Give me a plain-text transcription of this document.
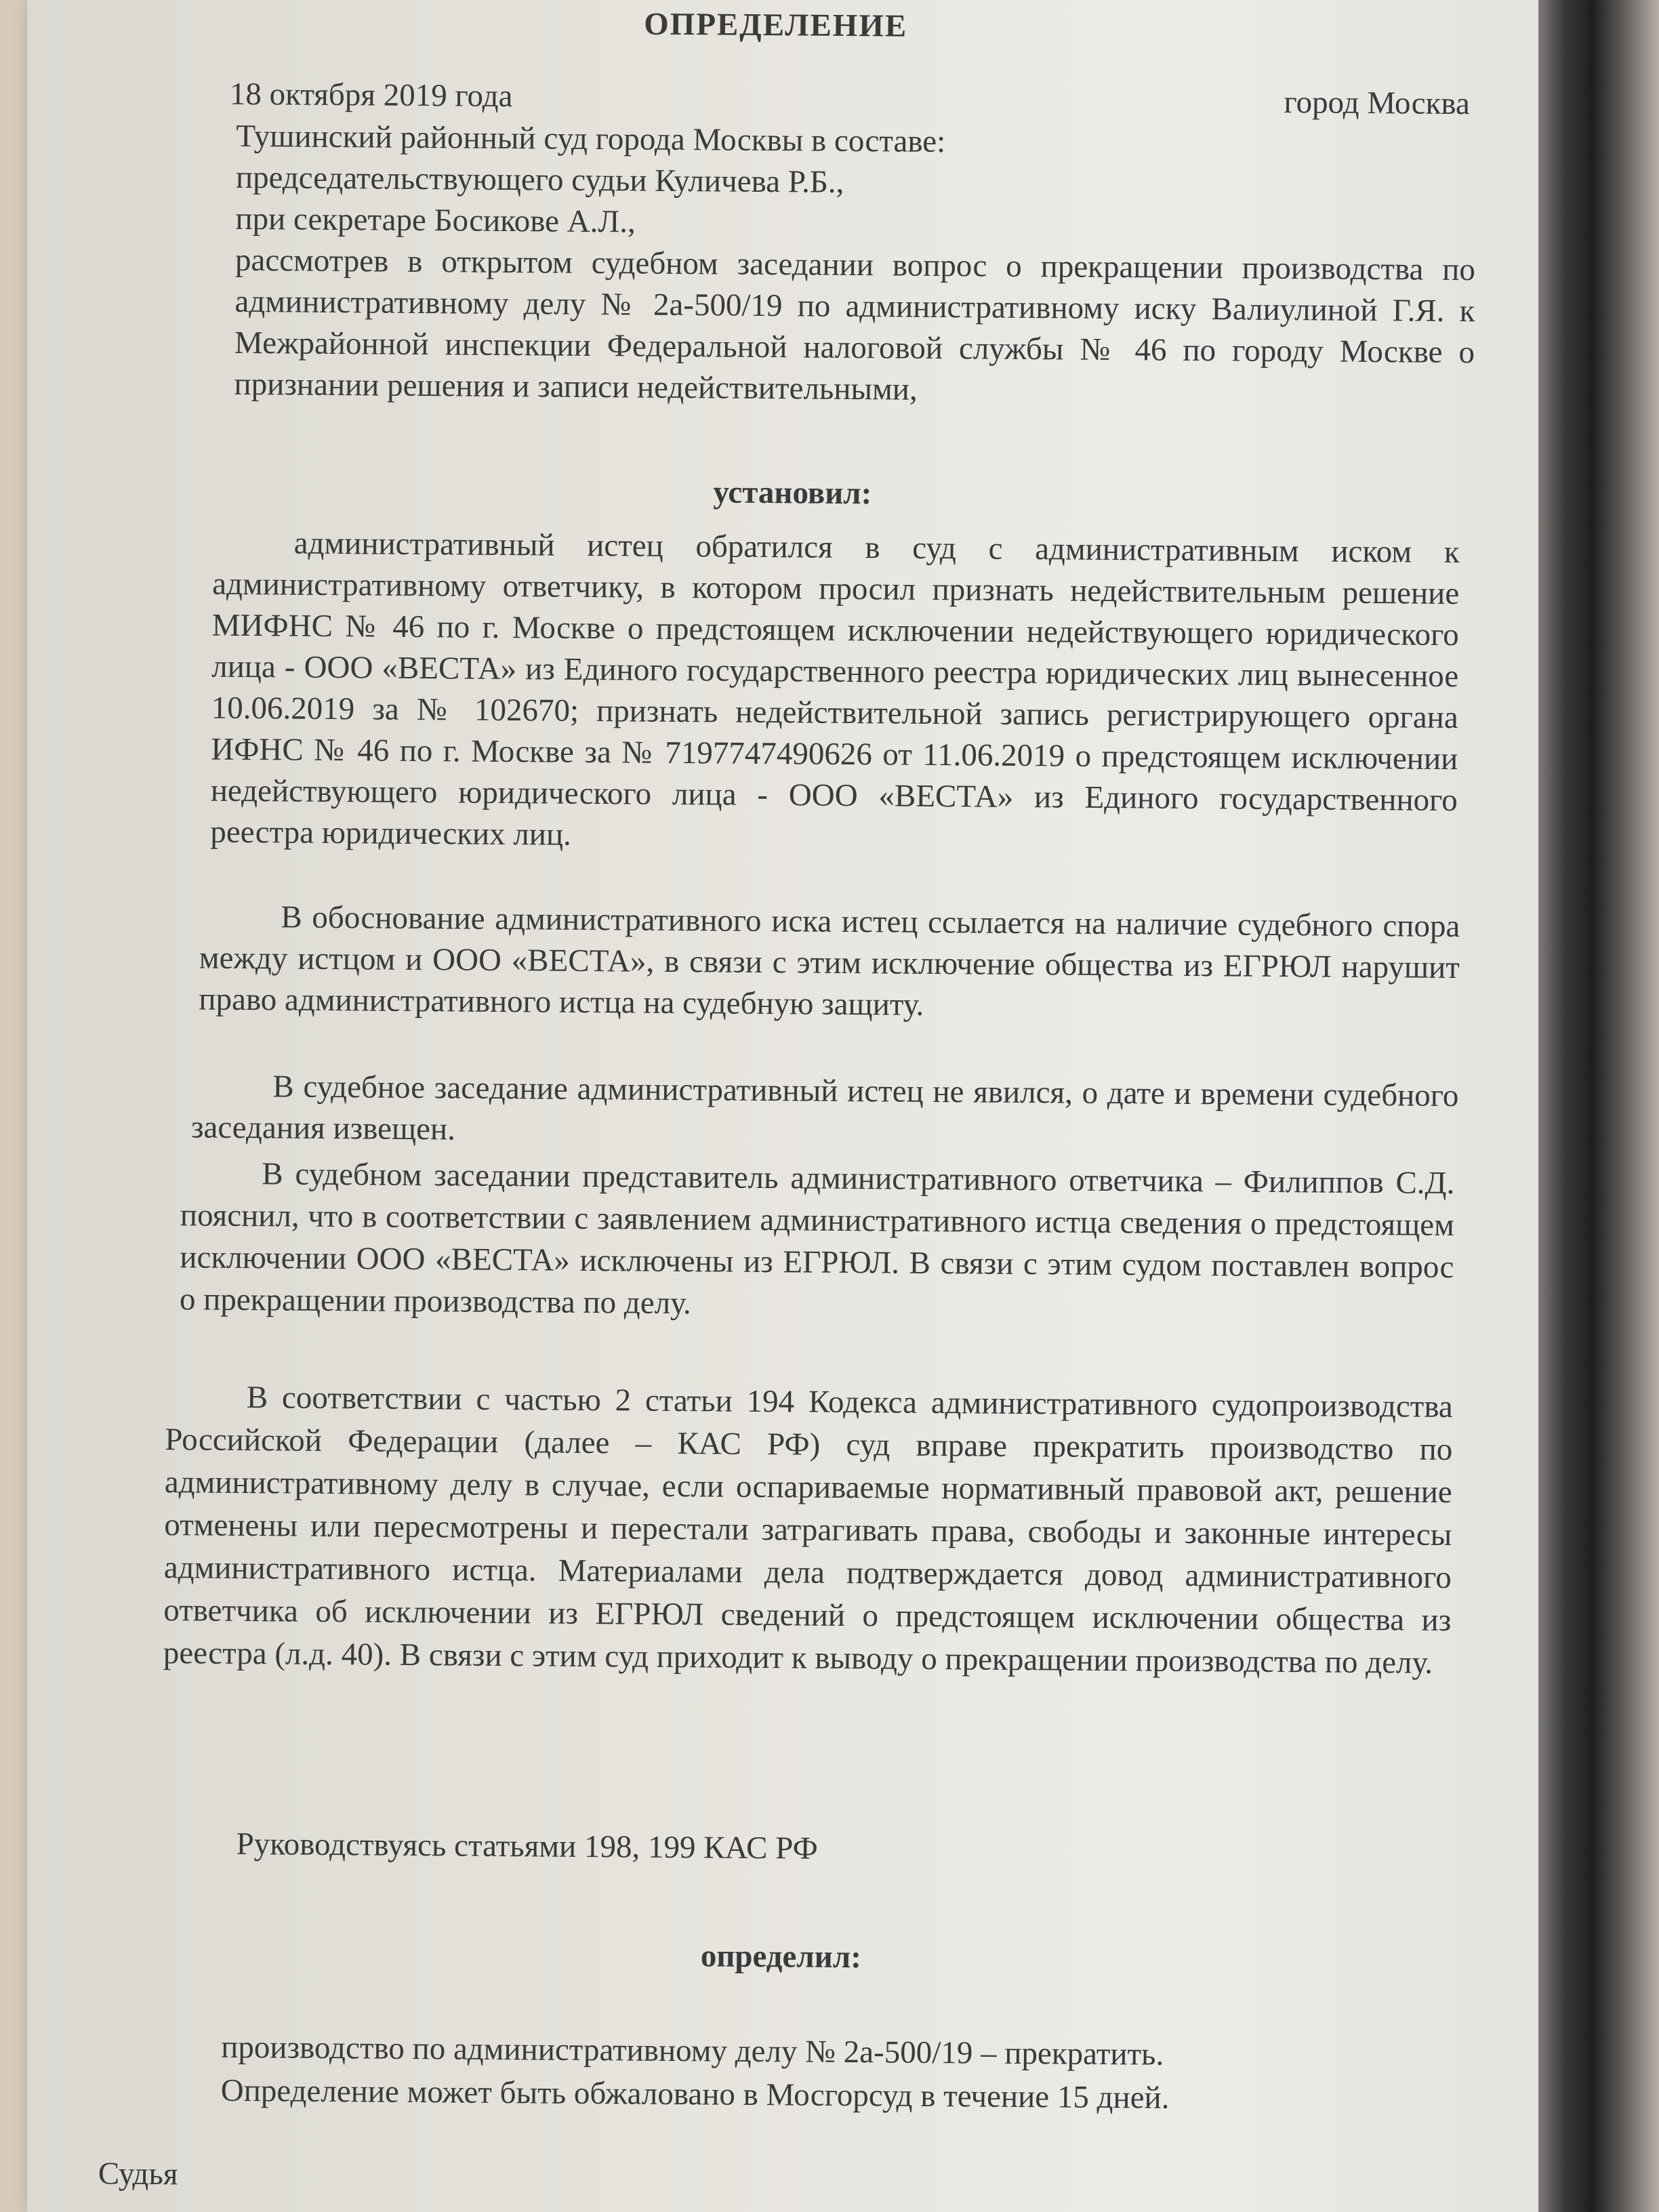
ОПРЕДЕЛЕНИЕ
18 октября 2019 года	город Москва
Тушинский районный суд города Москвы в составе:
председательствующего судьи Куличева Р.Б.,
при секретаре Босикове А.Л.,

рассмотрев в открытом судебном заседании вопрос о прекращении производства по административному делу № 2а-500/19 по административному иску Валиулиной Г.Я. к Межрайонной инспекции Федеральной налоговой службы № 46 по городу Москве о признании решения и записи недействительными,

установил:

административный истец обратился в суд с административным иском к административному ответчику, в котором просил признать недействительным решение МИФНС № 46 по г. Москве о предстоящем исключении недействующего юридического лица - ООО «ВЕСТА» из Единого государственного реестра юридических лиц вынесенное 10.06.2019 за № 102670; признать недействительной запись регистрирующего органа ИФНС № 46 по г. Москве за № 7197747490626 от 11.06.2019 о предстоящем исключении недействующего юридического лица - ООО «ВЕСТА» из Единого государственного реестра юридических лиц.

В обоснование административного иска истец ссылается на наличие судебного спора между истцом и ООО «ВЕСТА», в связи с этим исключение общества из ЕГРЮЛ нарушит право административного истца на судебную защиту.

В судебное заседание административный истец не явился, о дате и времени судебного заседания извещен.

В судебном заседании представитель административного ответчика – Филиппов С.Д. пояснил, что в соответствии с заявлением административного истца сведения о предстоящем исключении ООО «ВЕСТА» исключены из ЕГРЮЛ. В связи с этим судом поставлен вопрос о прекращении производства по делу.

В соответствии с частью 2 статьи 194 Кодекса административного судопроизводства Российской Федерации (далее – КАС РФ) суд вправе прекратить производство по административному делу в случае, если оспариваемые нормативный правовой акт, решение отменены или пересмотрены и перестали затрагивать права, свободы и законные интересы административного истца. Материалами дела подтверждается довод административного ответчика об исключении из ЕГРЮЛ сведений о предстоящем исключении общества из реестра (л.д. 40). В связи с этим суд приходит к выводу о прекращении производства по делу.

Руководствуясь статьями 198, 199 КАС РФ
определил:
производство по административному делу № 2а-500/19 – прекратить.
Определение может быть обжаловано в Мосгорсуд в течение 15 дней.
Судья
